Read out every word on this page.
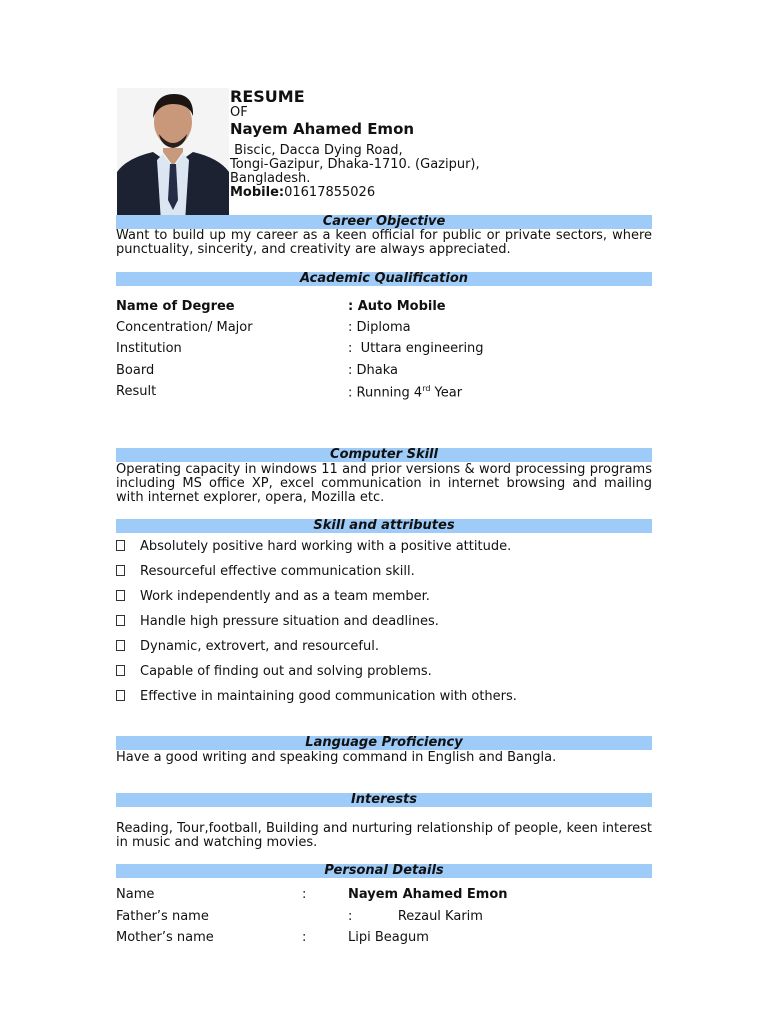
RESUME
OF
Nayem Ahamed Emon
Biscic, Dacca Dying Road,
Tongi-Gazipur, Dhaka-1710. (Gazipur),
Bangladesh.
Mobile:01617855026
Career Objective
Want to build up my career as a keen official for public or private sectors, where punctuality, sincerity, and creativity are always appreciated.
Academic Qualification
Name of Degree	: Auto Mobile
Concentration/ Major	: Diploma
Institution	:  Uttara engineering
Board	: Dhaka
Result	: Running 4rd Year
Computer Skill
Operating capacity in windows 11 and prior versions & word processing programs including MS office XP, excel communication in internet browsing and mailing with internet explorer, opera, Mozilla etc.
Skill and attributes
Absolutely positive hard working with a positive attitude.
Resourceful effective communication skill.
Work independently and as a team member.
Handle high pressure situation and deadlines.
Dynamic, extrovert, and resourceful.
Capable of finding out and solving problems.
Effective in maintaining good communication with others.
Language Proficiency
Have a good writing and speaking command in English and Bangla.
Interests
Reading, Tour,football, Building and nurturing relationship of people, keen interest in music and watching movies.
Personal Details
Name	:	Nayem Ahamed Emon
Father’s name	:           Rezaul Karim
Mother’s name	:	Lipi Beagum
